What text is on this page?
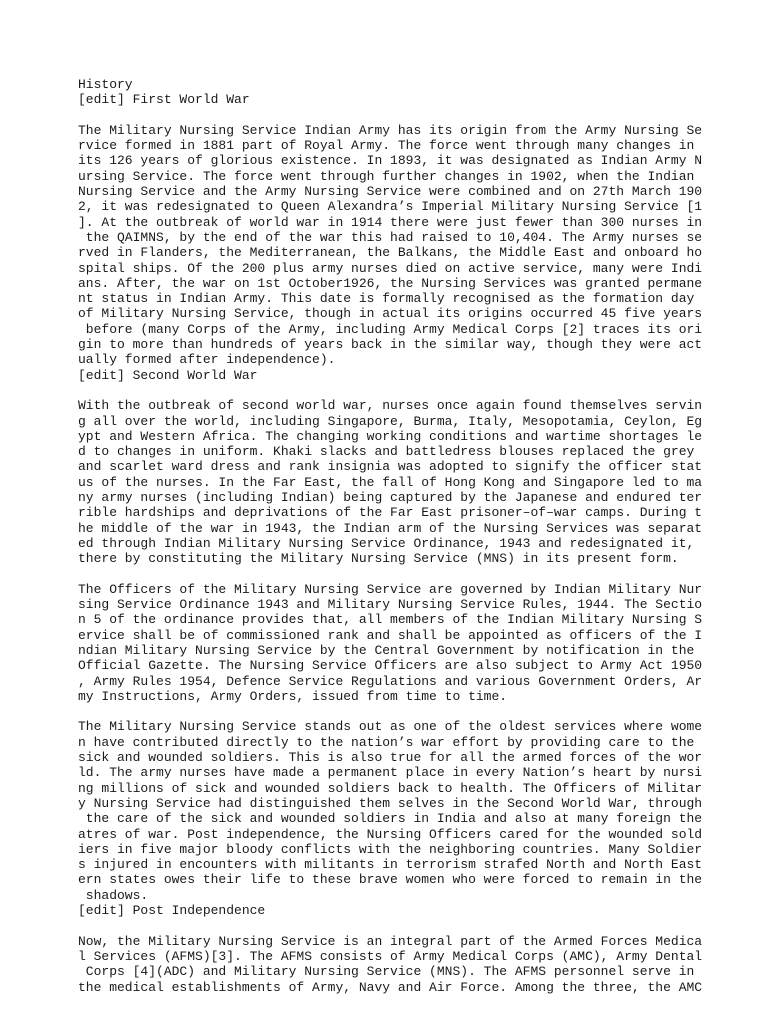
History
[edit] First World War
The Military Nursing Service Indian Army has its origin from the Army Nursing Se
rvice formed in 1881 part of Royal Army. The force went through many changes in
its 126 years of glorious existence. In 1893, it was designated as Indian Army N
ursing Service. The force went through further changes in 1902, when the Indian
Nursing Service and the Army Nursing Service were combined and on 27th March 190
2, it was redesignated to Queen Alexandra’s Imperial Military Nursing Service [1
]. At the outbreak of world war in 1914 there were just fewer than 300 nurses in
the QAIMNS, by the end of the war this had raised to 10,404. The Army nurses se
rved in Flanders, the Mediterranean, the Balkans, the Middle East and onboard ho
spital ships. Of the 200 plus army nurses died on active service, many were Indi
ans. After, the war on 1st October1926, the Nursing Services was granted permane
nt status in Indian Army. This date is formally recognised as the formation day
of Military Nursing Service, though in actual its origins occurred 45 five years
before (many Corps of the Army, including Army Medical Corps [2] traces its ori
gin to more than hundreds of years back in the similar way, though they were act
ually formed after independence).
[edit] Second World War
With the outbreak of second world war, nurses once again found themselves servin
g all over the world, including Singapore, Burma, Italy, Mesopotamia, Ceylon, Eg
ypt and Western Africa. The changing working conditions and wartime shortages le
d to changes in uniform. Khaki slacks and battledress blouses replaced the grey
and scarlet ward dress and rank insignia was adopted to signify the officer stat
us of the nurses. In the Far East, the fall of Hong Kong and Singapore led to ma
ny army nurses (including Indian) being captured by the Japanese and endured ter
rible hardships and deprivations of the Far East prisoner–of–war camps. During t
he middle of the war in 1943, the Indian arm of the Nursing Services was separat
ed through Indian Military Nursing Service Ordinance, 1943 and redesignated it,
there by constituting the Military Nursing Service (MNS) in its present form.
The Officers of the Military Nursing Service are governed by Indian Military Nur
sing Service Ordinance 1943 and Military Nursing Service Rules, 1944. The Sectio
n 5 of the ordinance provides that, all members of the Indian Military Nursing S
ervice shall be of commissioned rank and shall be appointed as officers of the I
ndian Military Nursing Service by the Central Government by notification in the
Official Gazette. The Nursing Service Officers are also subject to Army Act 1950
, Army Rules 1954, Defence Service Regulations and various Government Orders, Ar
my Instructions, Army Orders, issued from time to time.
The Military Nursing Service stands out as one of the oldest services where wome
n have contributed directly to the nation’s war effort by providing care to the
sick and wounded soldiers. This is also true for all the armed forces of the wor
ld. The army nurses have made a permanent place in every Nation’s heart by nursi
ng millions of sick and wounded soldiers back to health. The Officers of Militar
y Nursing Service had distinguished them selves in the Second World War, through
the care of the sick and wounded soldiers in India and also at many foreign the
atres of war. Post independence, the Nursing Officers cared for the wounded sold
iers in five major bloody conflicts with the neighboring countries. Many Soldier
s injured in encounters with militants in terrorism strafed North and North East
ern states owes their life to these brave women who were forced to remain in the
shadows.
[edit] Post Independence
Now, the Military Nursing Service is an integral part of the Armed Forces Medica
l Services (AFMS)[3]. The AFMS consists of Army Medical Corps (AMC), Army Dental
Corps [4](ADC) and Military Nursing Service (MNS). The AFMS personnel serve in
the medical establishments of Army, Navy and Air Force. Among the three, the AMC
